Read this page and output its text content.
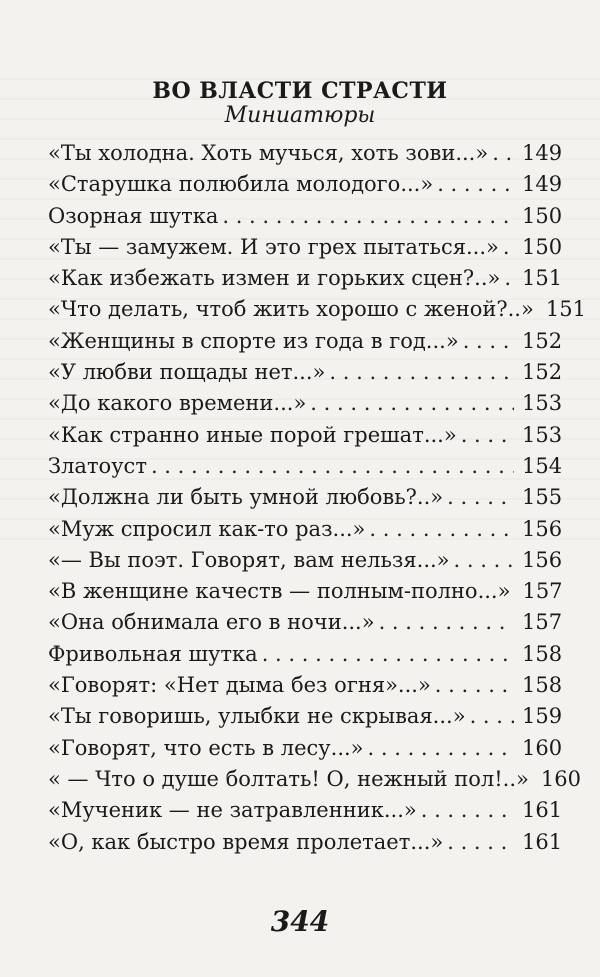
ВО ВЛАСТИ СТРАСТИ
Миниатюры
«Ты холодна. Хоть мучься, хоть зови...» . . . 149
«Старушка полюбила молодого...» . . .	149
Озорная шутка . . .	150
«Ты — замужем. И это грех пытаться...» . . . 150
«Как избежать измен и горьких сцен?..» . . . 151
«Что делать, чтоб жить хорошо с женой?..» 151
«Женщины в спорте из года в год...» . . .	152
«У любви пощады нет...» . . .	152
«До какого времени...» . . .	153
«Как странно иные порой грешат...» . . .	153
Златоуст . . .	154
«Должна ли быть умной любовь?..» . . .	155
«Муж спросил как-то раз...» . . .	156
«— Вы поэт. Говорят, вам нельзя...» . . .	156
«В женщине качеств — полным-полно...» 157
«Она обнимала его в ночи...» . . .	157
Фривольная шутка . . .	158
«Говорят: «Нет дыма без огня»...» . . .	158
«Ты говоришь, улыбки не скрывая...» . . .	159
«Говорят, что есть в лесу...» . . .	160
« — Что о душе болтать! О, нежный пол!..» 160
«Мученик — не затравленник...» . . .	161
«О, как быстро время пролетает...» . . .	161
344
